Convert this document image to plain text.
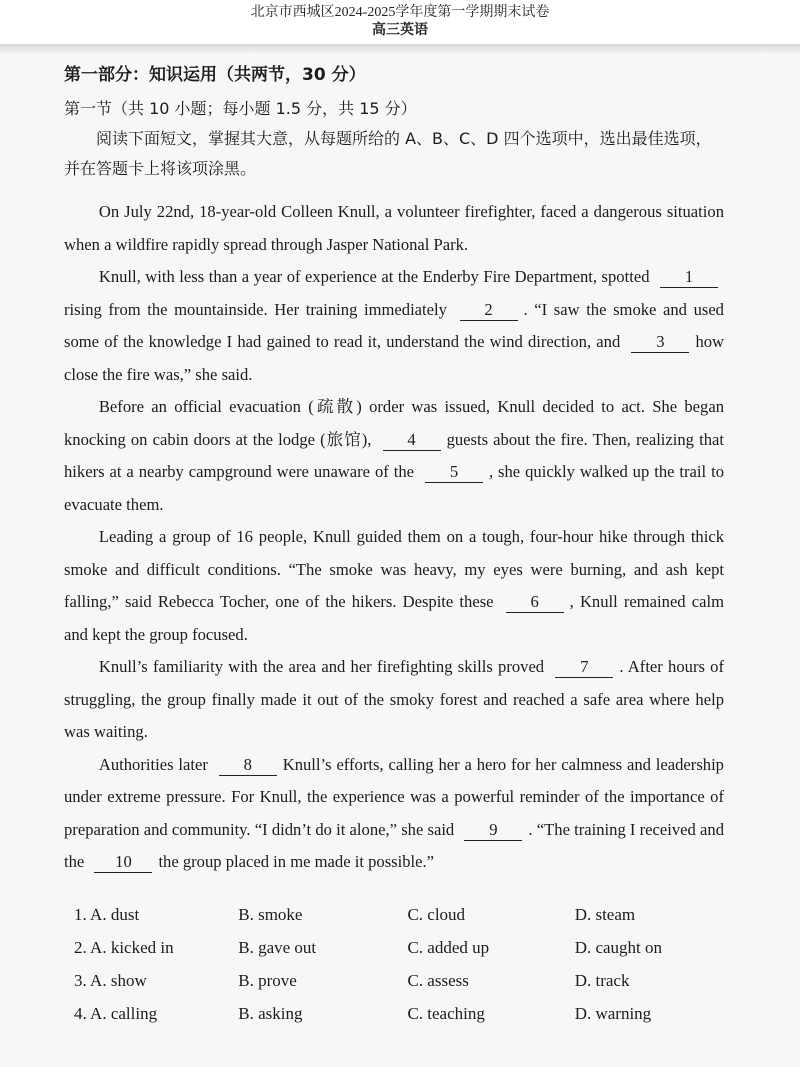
北京市西城区2024-2025学年度第一学期期末试卷
高三英语
第一部分：知识运用（共两节，30 分）
第一节（共 10 小题；每小题 1.5 分，共 15 分）
阅读下面短文，掌握其大意，从每题所给的 A、B、C、D 四个选项中，选出最佳选项，并在答题卡上将该项涂黑。

On July 22nd, 18-year-old Colleen Knull, a volunteer firefighter, faced a dangerous situation when a wildfire rapidly spread through Jasper National Park.

Knull, with less than a year of experience at the Enderby Fire Department, spotted 1rising from the mountainside. Her training immediately 2 . “I saw the smoke and used some of the knowledge I had gained to read it, understand the wind direction, and 3 how close the fire was,” she said.

Before an official evacuation (疏散) order was issued, Knull decided to act. She began knocking on cabin doors at the lodge (旅馆), 4 guests about the fire. Then, realizing that hikers at a nearby campground were unaware of the 5 , she quickly walked up the trail to evacuate them.

Leading a group of 16 people, Knull guided them on a tough, four-hour hike through thick smoke and difficult conditions. “The smoke was heavy, my eyes were burning, and ash kept falling,” said Rebecca Tocher, one of the hikers. Despite these 6 , Knull remained calm and kept the group focused.

Knull’s familiarity with the area and her firefighting skills proved 7 . After hours of struggling, the group finally made it out of the smoky forest and reached a safe area where help was waiting.

Authorities later 8 Knull’s efforts, calling her a hero for her calmness and leadership under extreme pressure. For Knull, the experience was a powerful reminder of the importance of preparation and community. “I didn’t do it alone,” she said 9 . “The training I received and the 10 the group placed in me made it possible.”

1. A. dust	B. smoke	C. cloud	D. steam
2. A. kicked in	B. gave out	C. added up	D. caught on
3. A. show	B. prove	C. assess	D. track
4. A. calling	B. asking	C. teaching	D. warning
